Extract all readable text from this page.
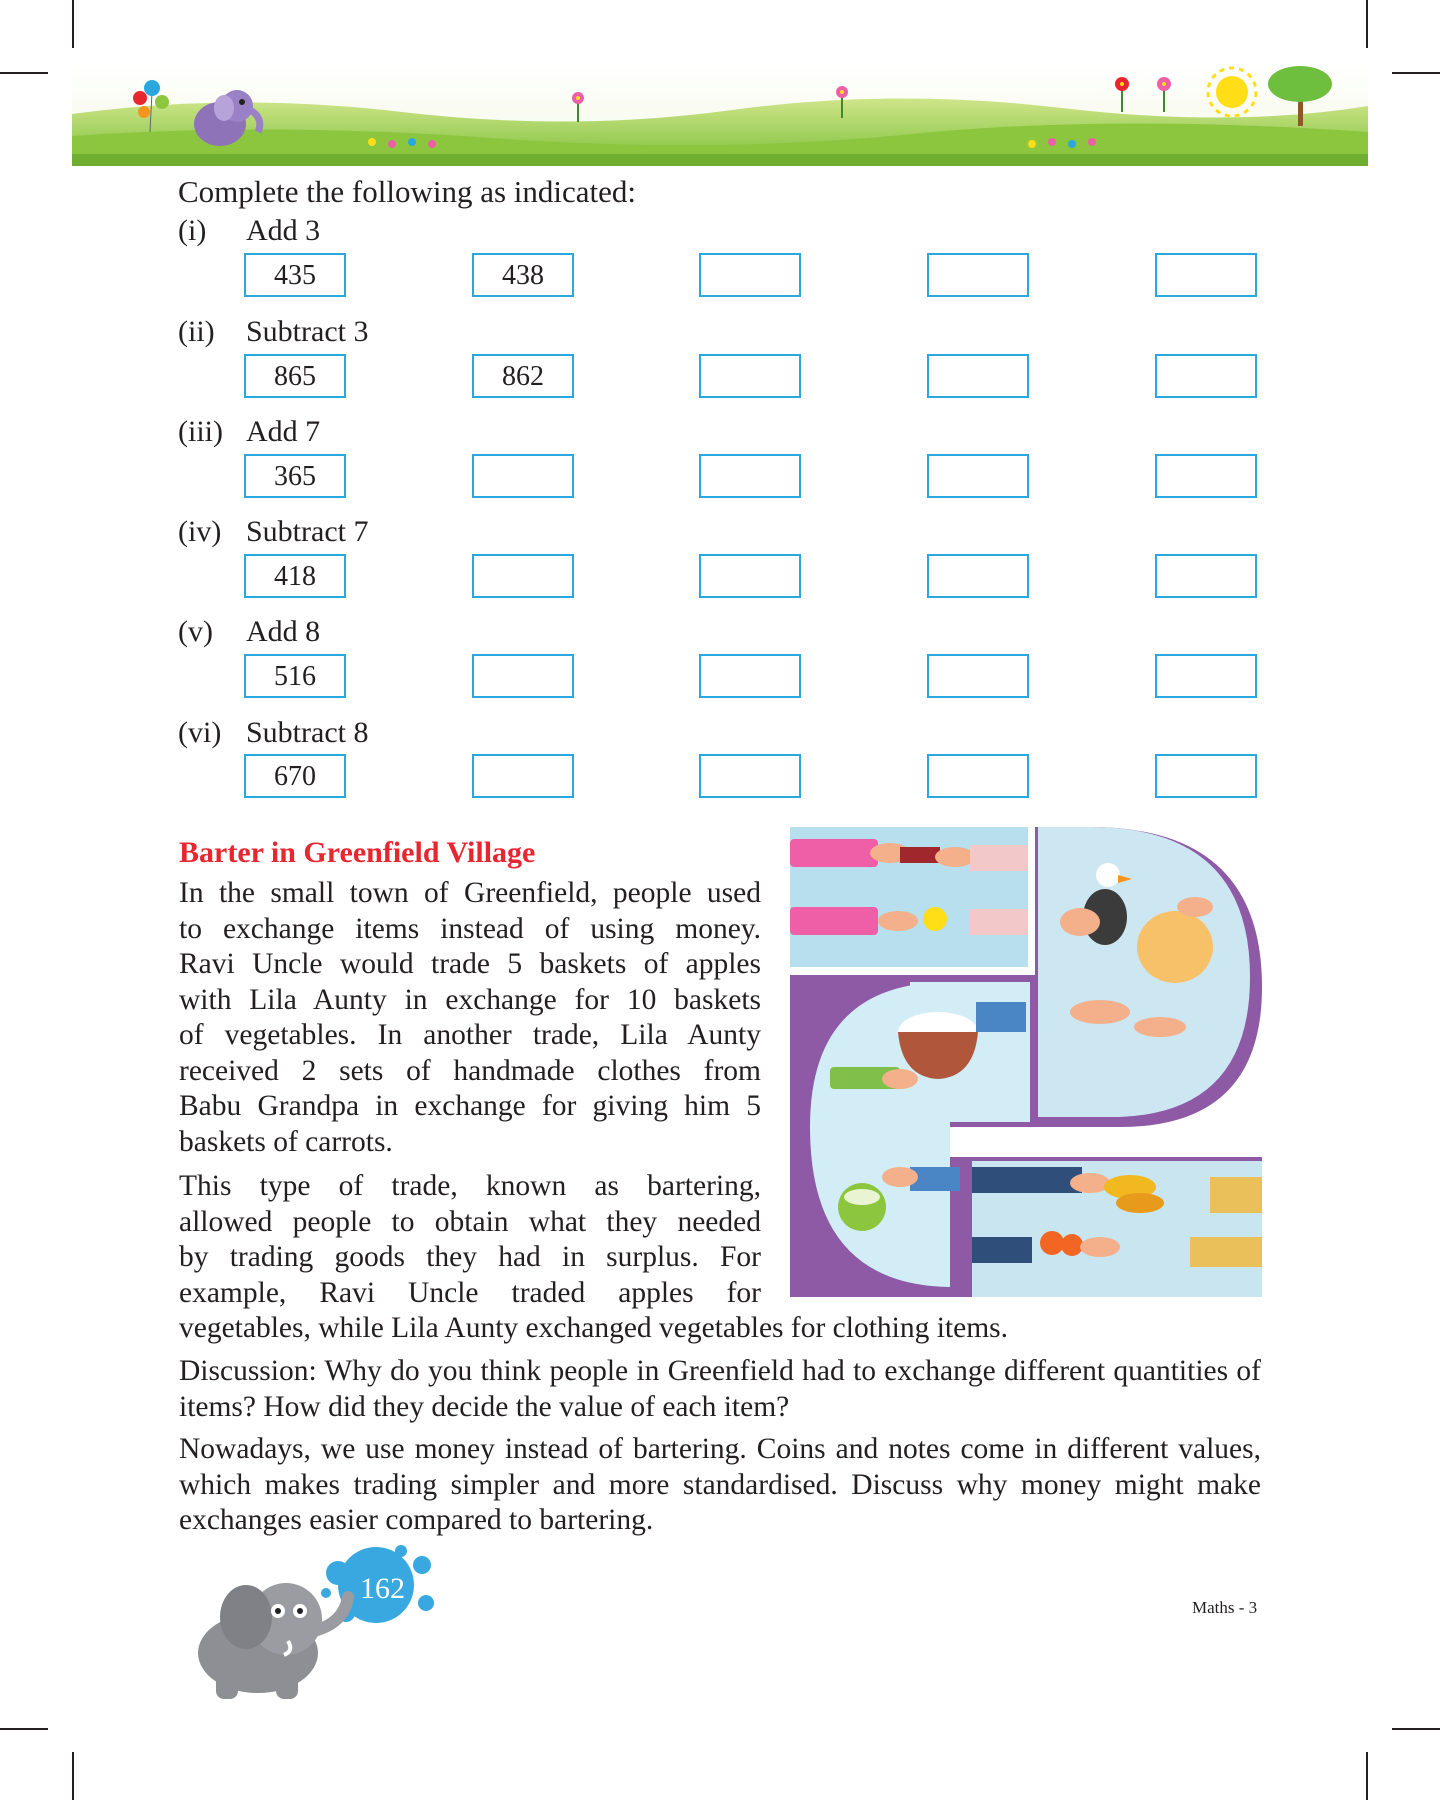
Complete the following as indicated:
(i)	Add 3
435	438
(ii)	Subtract 3
865	862
(iii) Add 7
365
(iv) Subtract 7
418
(v)	Add 8
516
(vi) Subtract 8
670
Barter in Greenfield Village
In the small town of Greenfield, people used
to exchange items instead of using money.
Ravi Uncle would trade 5 baskets of apples
with Lila Aunty in exchange for 10 baskets
of vegetables. In another trade, Lila Aunty
received 2 sets of handmade clothes from
Babu Grandpa in exchange for giving him 5
baskets of carrots.
This type of trade, known as bartering,
allowed people to obtain what they needed
by trading goods they had in surplus. For
example, Ravi Uncle traded apples for
vegetables, while Lila Aunty exchanged vegetables for clothing items.
Discussion: Why do you think people in Greenfield had to exchange different quantities of items? How did they decide the value of each item?
Nowadays, we use money instead of bartering. Coins and notes come in different values, which makes trading simpler and more standardised. Discuss why money might make exchanges easier compared to bartering.
162
Maths - 3
